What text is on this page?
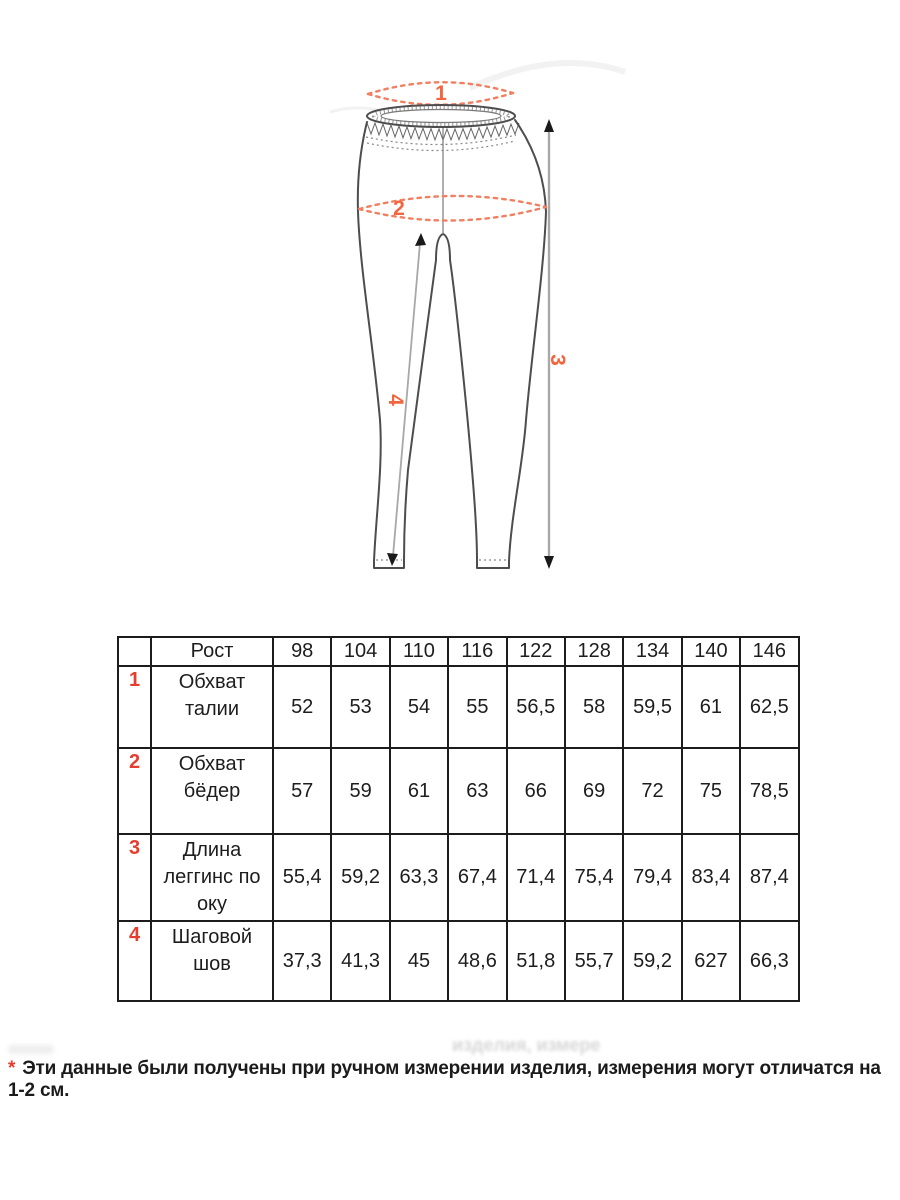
1
2
3
4
	Рост	98	104	110	116	122	128	134	140	146
1	Обхват талии	52	53	54	55	56,5	58	59,5	61	62,5
2	Обхват бёдер	57	59	61	63	66	69	72	75	78,5
3	Длина леггинс по оку	55,4	59,2	63,3	67,4	71,4	75,4	79,4	83,4	87,4
4	Шаговой шов	37,3	41,3	45	48,6	51,8	55,7	59,2	627	66,3
изделия, измере
* Эти данные были получены при ручном измерении изделия, измерения могут отличатся на 1-2 см.
